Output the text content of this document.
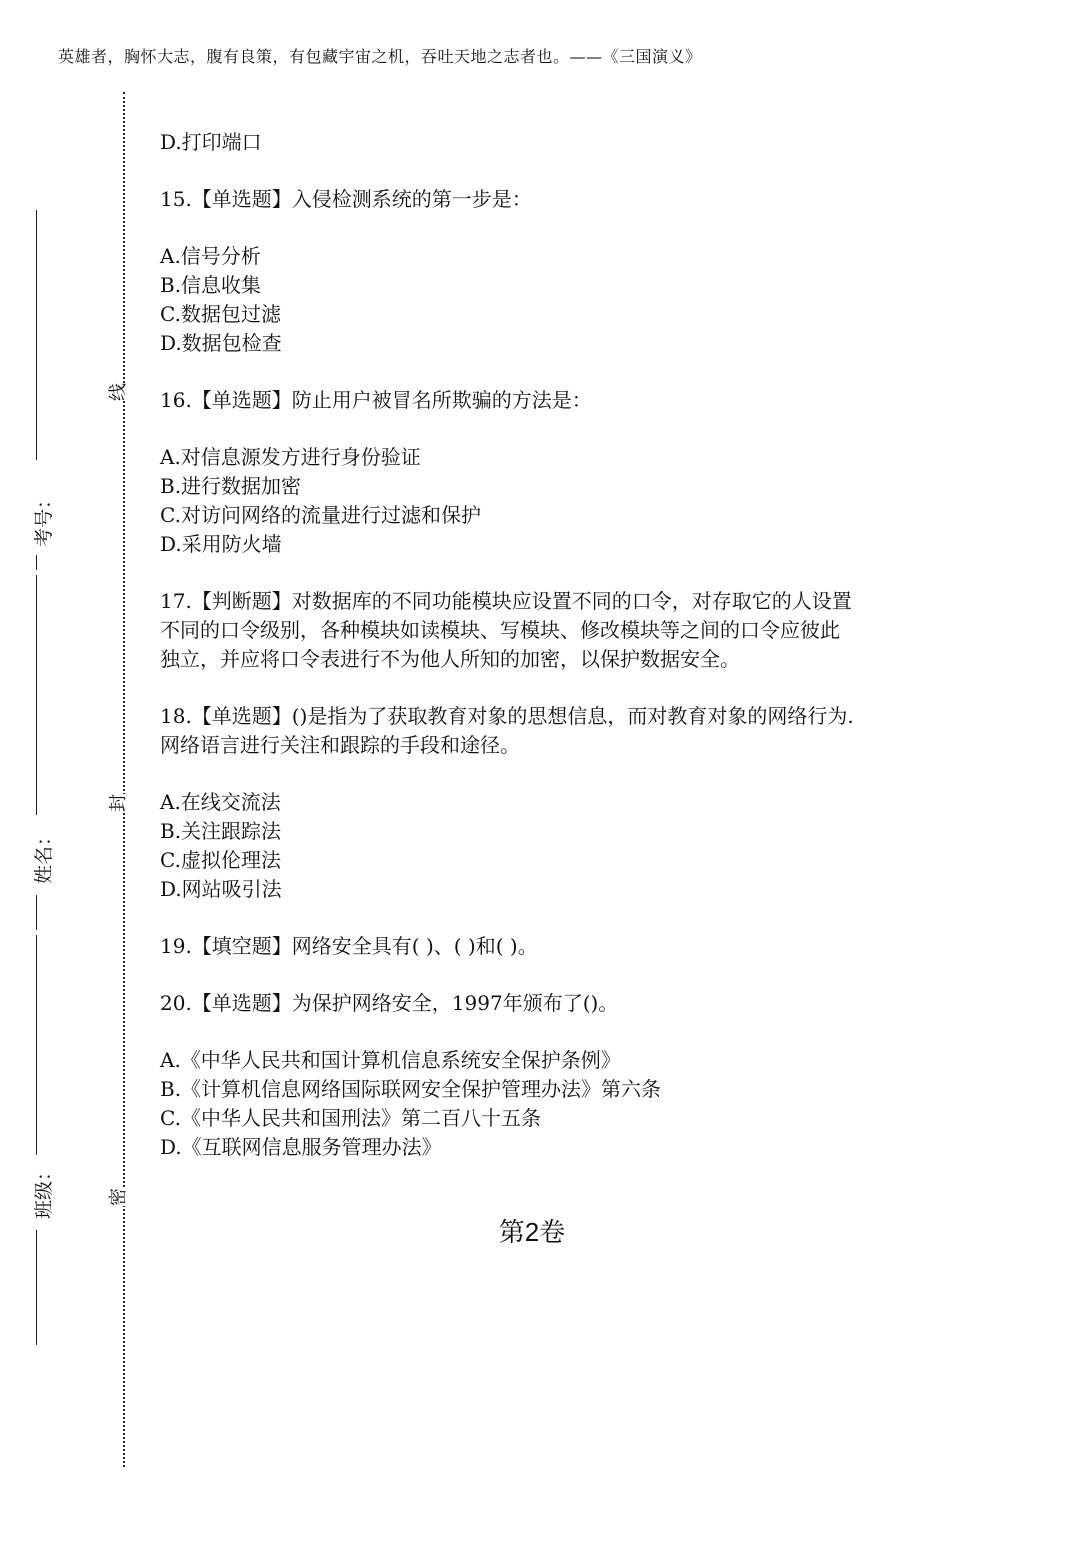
英雄者，胸怀大志，腹有良策，有包藏宇宙之机，吞吐天地之志者也。——《三国演义》
线
封
密
考号：
姓名：
班级：

D.打印端口

15.【单选题】入侵检测系统的第一步是：

A.信号分析

B.信息收集

C.数据包过滤

D.数据包检查

16.【单选题】防止用户被冒名所欺骗的方法是：

A.对信息源发方进行身份验证

B.进行数据加密

C.对访问网络的流量进行过滤和保护

D.采用防火墙

17.【判断题】对数据库的不同功能模块应设置不同的口令，对存取它的人设置

不同的口令级别，各种模块如读模块、写模块、修改模块等之间的口令应彼此

独立，并应将口令表进行不为他人所知的加密，以保护数据安全。

18.【单选题】()是指为了获取教育对象的思想信息，而对教育对象的网络行为.

网络语言进行关注和跟踪的手段和途径。

A.在线交流法

B.关注跟踪法

C.虚拟伦理法

D.网站吸引法

19.【填空题】网络安全具有( )、( )和( )。

20.【单选题】为保护网络安全，1997年颁布了()。

A.《中华人民共和国计算机信息系统安全保护条例》

B.《计算机信息网络国际联网安全保护管理办法》第六条

C.《中华人民共和国刑法》第二百八十五条

D.《互联网信息服务管理办法》

第2卷
